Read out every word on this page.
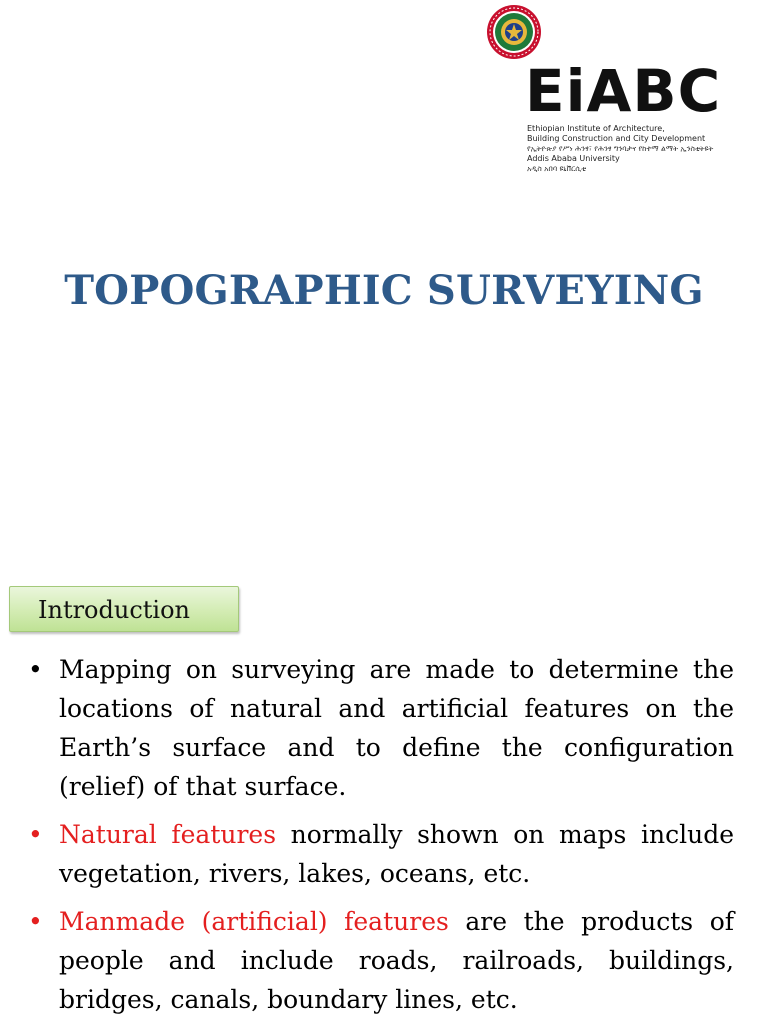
EiABC
Ethiopian Institute of Architecture,
Building Construction and City Development
የኢትዮጵያ የሥነ ሕንፃ፣ የሕንፃ ግንባታና የከተማ ልማት ኢንስቲትዩት
Addis Ababa University
አዲስ አበባ ዩኒቨርሲቲ
TOPOGRAPHIC SURVEYING
Introduction
• Mapping on surveying are made to determine the locations of natural and artificial features on the Earth’s surface and to define the configuration (relief) of that surface.
• Natural features normally shown on maps include vegetation, rivers, lakes, oceans, etc.
• Manmade (artificial) features are the products of people and include roads, railroads, buildings, bridges, canals, boundary lines, etc.
